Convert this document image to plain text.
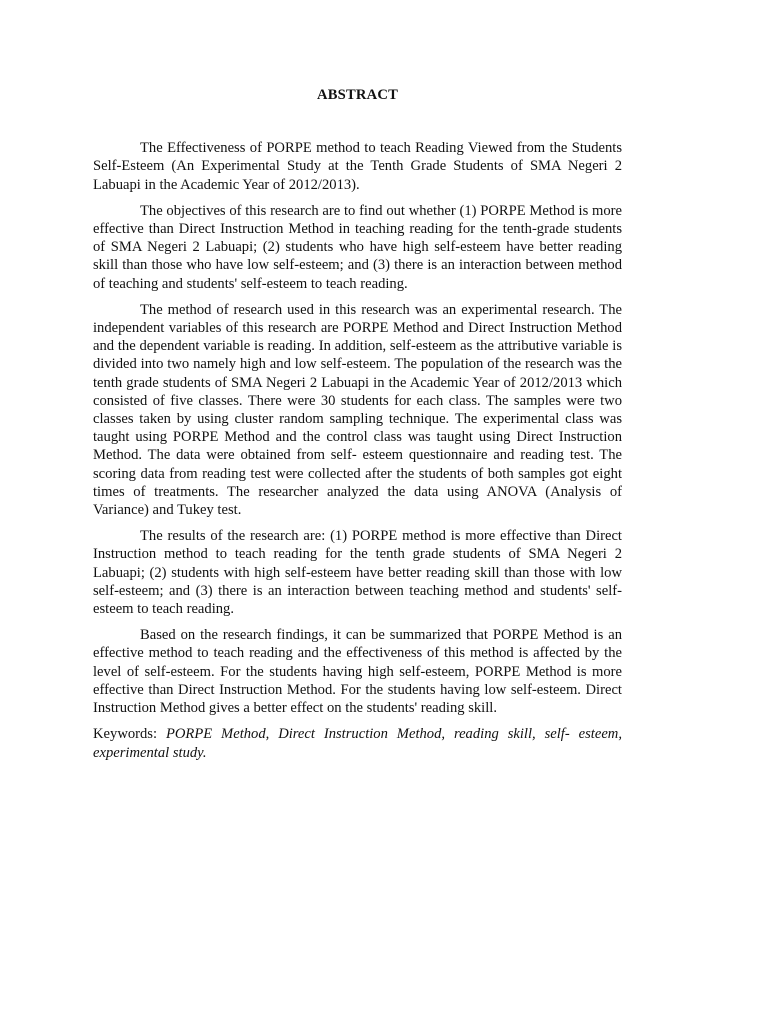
ABSTRACT

The Effectiveness of PORPE method to teach Reading Viewed from the Students Self-Esteem (An Experimental Study at the Tenth Grade Students of SMA Negeri 2 Labuapi in the Academic Year of 2012/2013).

The objectives of this research are to find out whether (1) PORPE Method is more effective than Direct Instruction Method in teaching reading for the tenth-grade students of SMA Negeri 2 Labuapi; (2) students who have high self-esteem have better reading skill than those who have low self-esteem; and (3) there is an interaction between method of teaching and students' self-esteem to teach reading.

The method of research used in this research was an experimental research. The independent variables of this research are PORPE Method and Direct Instruction Method and the dependent variable is reading. In addition, self-esteem as the attributive variable is divided into two namely high and low self-esteem. The population of the research was the tenth grade students of SMA Negeri 2 Labuapi in the Academic Year of 2012/2013 which consisted of five classes. There were 30 students for each class. The samples were two classes taken by using cluster random sampling technique. The experimental class was taught using PORPE Method and the control class was taught using Direct Instruction Method. The data were obtained from self- esteem questionnaire and reading test. The scoring data from reading test were collected after the students of both samples got eight times of treatments. The researcher analyzed the data using ANOVA (Analysis of Variance) and Tukey test.

The results of the research are: (1) PORPE method is more effective than Direct Instruction method to teach reading for the tenth grade students of SMA Negeri 2 Labuapi; (2) students with high self-esteem have better reading skill than those with low self-esteem; and (3) there is an interaction between teaching method and students' self-esteem to teach reading.

Based on the research findings, it can be summarized that PORPE Method is an effective method to teach reading and the effectiveness of this method is affected by the level of self-esteem. For the students having high self-esteem, PORPE Method is more effective than Direct Instruction Method. For the students having low self-esteem. Direct Instruction Method gives a better effect on the students' reading skill.

Keywords: PORPE Method, Direct Instruction Method, reading skill, self- esteem, experimental study.
